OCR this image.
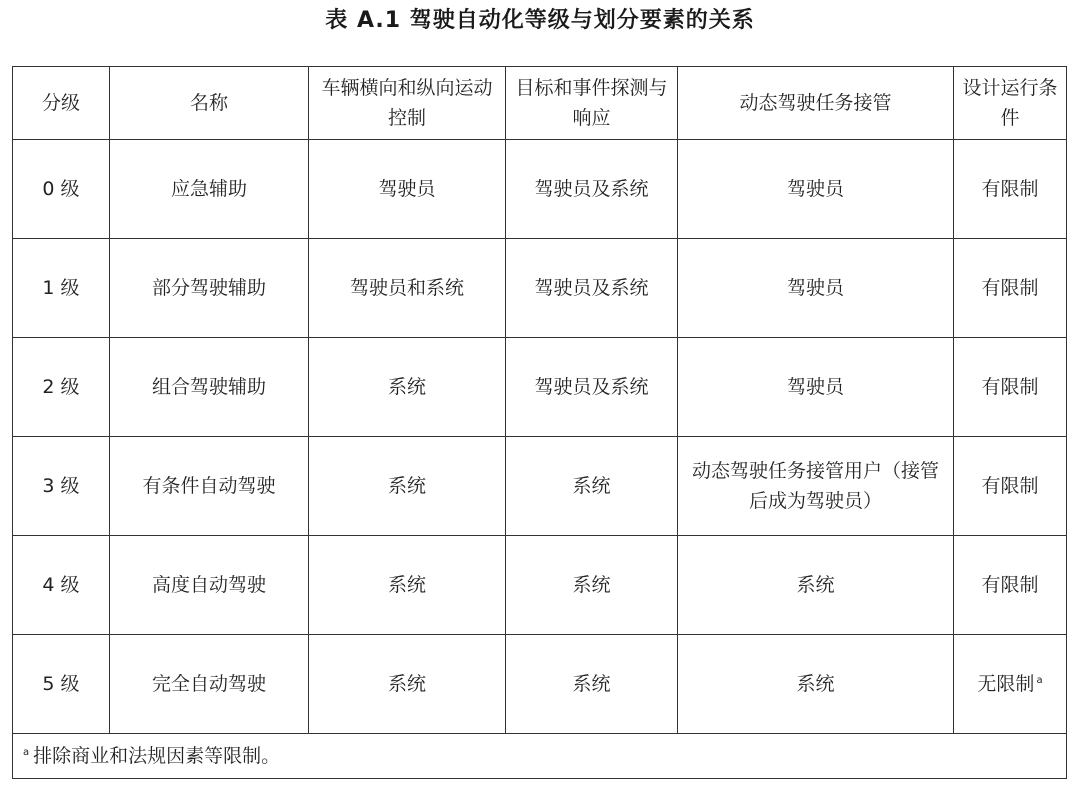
表 A.1 驾驶自动化等级与划分要素的关系
分级	名称	车辆横向和纵向运动控制	目标和事件探测与响应	动态驾驶任务接管	设计运行条件
0 级	应急辅助	驾驶员	驾驶员及系统	驾驶员	有限制
1 级	部分驾驶辅助	驾驶员和系统	驾驶员及系统	驾驶员	有限制
2 级	组合驾驶辅助	系统	驾驶员及系统	驾驶员	有限制
3 级	有条件自动驾驶	系统	系统	动态驾驶任务接管用户（接管后成为驾驶员）	有限制
4 级	高度自动驾驶	系统	系统	系统	有限制
5 级	完全自动驾驶	系统	系统	系统	无限制 $^a$
$^a$ 排除商业和法规因素等限制。					
